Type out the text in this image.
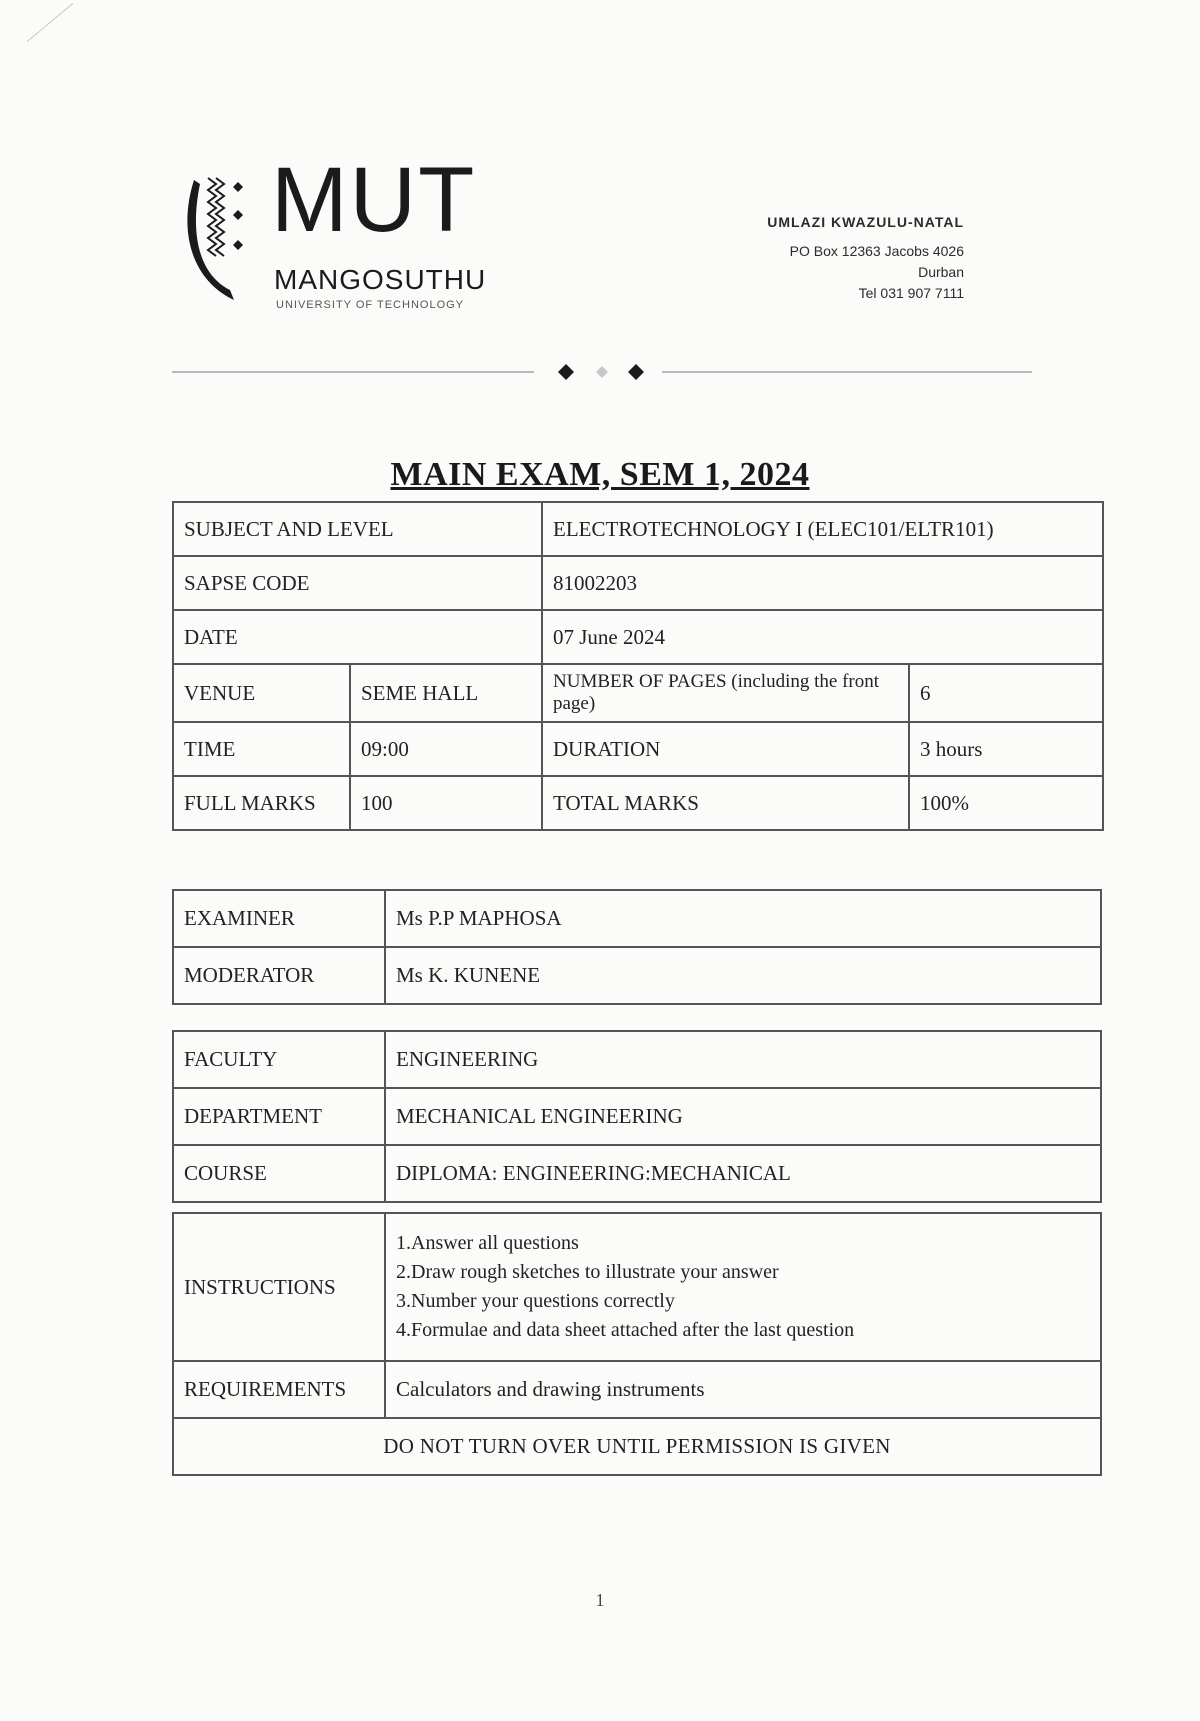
MUT
MANGOSUTHU
UNIVERSITY OF TECHNOLOGY
UMLAZI KWAZULU-NATAL
PO Box 12363 Jacobs 4026
Durban
Tel 031 907 7111
MAIN EXAM, SEM 1, 2024
SUBJECT AND LEVEL		ELECTROTECHNOLOGY I (ELEC101/ELTR101)	
SAPSE CODE		81002203	
DATE		07 June 2024	
VENUE	SEME HALL	NUMBER OF PAGES (including the front page)	6
TIME	09:00	DURATION	3 hours
FULL MARKS	100	TOTAL MARKS	100%
EXAMINER	Ms P.P MAPHOSA
MODERATOR	Ms K. KUNENE
FACULTY	ENGINEERING
DEPARTMENT	MECHANICAL ENGINEERING
COURSE	DIPLOMA: ENGINEERING:MECHANICAL
INSTRUCTIONS	1.Answer all questions
2.Draw rough sketches to illustrate your answer
3.Number your questions correctly
4.Formulae and data sheet attached after the last question

REQUIREMENTS	Calculators and drawing instruments
DO NOT TURN OVER UNTIL PERMISSION IS GIVEN	
1
